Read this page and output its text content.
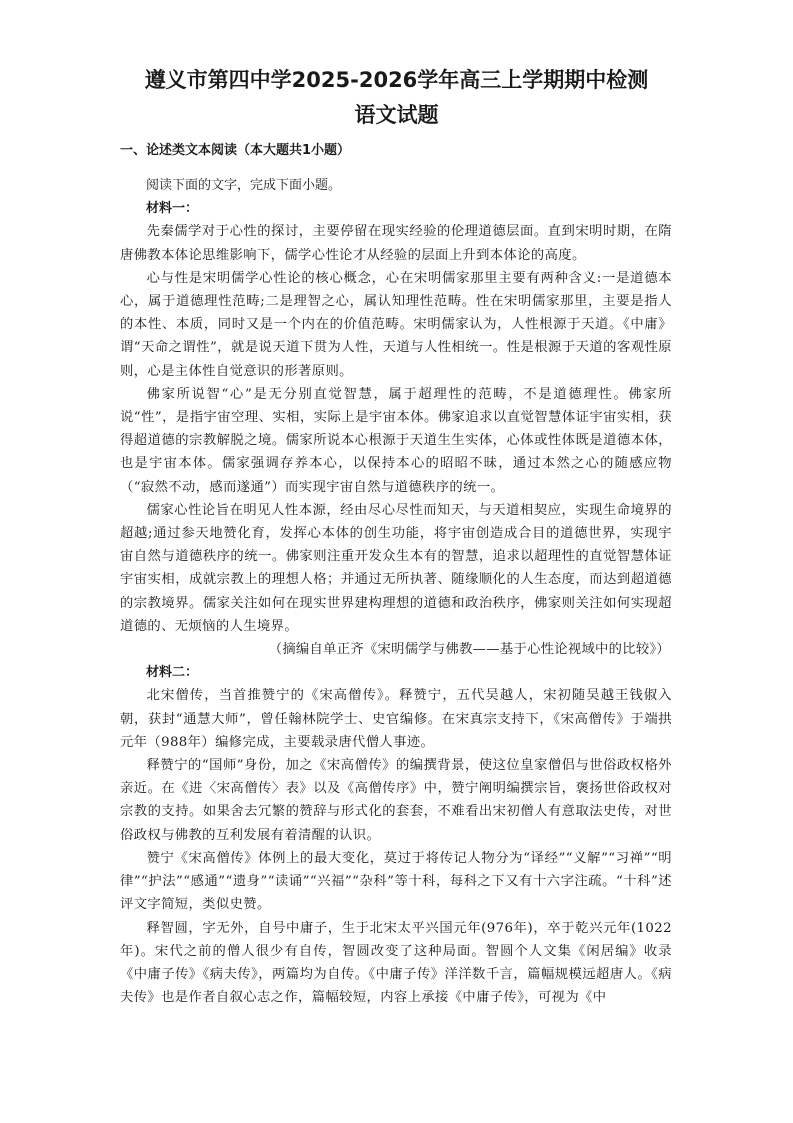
遵义市第四中学2025-2026学年高三上学期期中检测
语文试题
一、论述类文本阅读（本大题共1小题）

阅读下面的文字，完成下面小题。

材料一：

先秦儒学对于心性的探讨，主要停留在现实经验的伦理道德层面。直到宋明时期，在隋唐佛教本体论思维影响下，儒学心性论才从经验的层面上升到本体论的高度。

心与性是宋明儒学心性论的核心概念，心在宋明儒家那里主要有两种含义:一是道德本心，属于道德理性范畴;二是理智之心，属认知理性范畴。性在宋明儒家那里，主要是指人的本性、本质，同时又是一个内在的价值范畴。宋明儒家认为，人性根源于天道。《中庸》谓“天命之谓性”，就是说天道下贯为人性，天道与人性相统一。性是根源于天道的客观性原则，心是主体性自觉意识的形著原则。

佛家所说智“心”是无分别直觉智慧，属于超理性的范畴，不是道德理性。佛家所说“性”，是指宇宙空理、实相，实际上是宇宙本体。佛家追求以直觉智慧体证宇宙实相，获得超道德的宗教解脱之境。儒家所说本心根源于天道生生实体，心体或性体既是道德本体，也是宇宙本体。儒家强调存养本心，以保持本心的昭昭不昧，通过本然之心的随感应物（“寂然不动，感而遂通”）而实现宇宙自然与道德秩序的统一。

儒家心性论旨在明见人性本源，经由尽心尽性而知天，与天道相契应，实现生命境界的超越;通过参天地赞化育，发挥心本体的创生功能，将宇宙创造成合目的道德世界，实现宇宙自然与道德秩序的统一。佛家则注重开发众生本有的智慧，追求以超理性的直觉智慧体证宇宙实相，成就宗教上的理想人格；并通过无所执著、随缘顺化的人生态度，而达到超道德的宗教境界。儒家关注如何在现实世界建构理想的道德和政治秩序，佛家则关注如何实现超道德的、无烦恼的人生境界。

（摘编自单正齐《宋明儒学与佛教——基于心性论视域中的比较》）

材料二：

北宋僧传，当首推赞宁的《宋高僧传》。释赞宁，五代吴越人，宋初随吴越王钱俶入朝，获封“通慧大师”，曾任翰林院学士、史官编修。在宋真宗支持下，《宋高僧传》于端拱元年（988年）编修完成，主要载录唐代僧人事迹。

释赞宁的“国师”身份，加之《宋高僧传》的编撰背景，使这位皇家僧侣与世俗政权格外亲近。在《进〈宋高僧传〉表》以及《高僧传序》中，赞宁阐明编撰宗旨，褒扬世俗政权对宗教的支持。如果舍去冗繁的赞辞与形式化的套套，不难看出宋初僧人有意取法史传，对世俗政权与佛教的互利发展有着清醒的认识。

赞宁《宋高僧传》体例上的最大变化，莫过于将传记人物分为“译经”“义解”“习禅”“明律”“护法”“感通”“遗身”“读诵”“兴福”“杂科”等十科，每科之下又有十六字注疏。“十科”述评文字简短，类似史赞。

释智圆，字无外，自号中庸子，生于北宋太平兴国元年(976年)，卒于乾兴元年(1022年)。宋代之前的僧人很少有自传，智圆改变了这种局面。智圆个人文集《闲居编》收录《中庸子传》《病夫传》，两篇均为自传。《中庸子传》洋洋数千言，篇幅规模远超唐人。《病夫传》也是作者自叙心志之作，篇幅较短，内容上承接《中庸子传》，可视为《中
